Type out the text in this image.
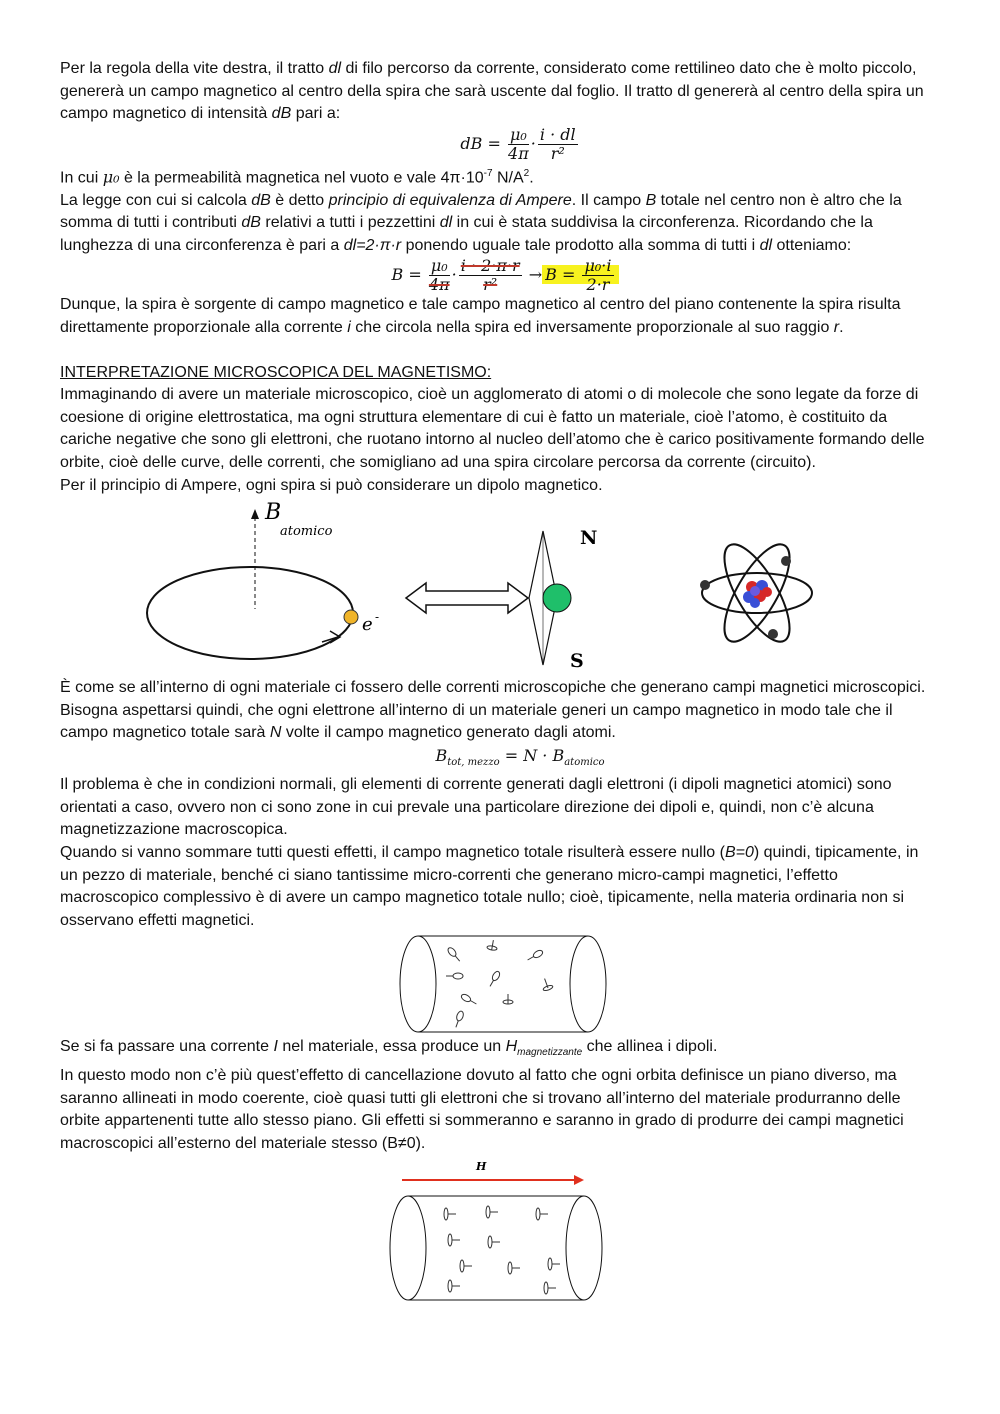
Per la regola della vite destra, il tratto dl di filo percorso da corrente, considerato come rettilineo dato che è molto piccolo, genererà un campo magnetico al centro della spira che sarà uscente dal foglio. Il tratto dl genererà al centro della spira un campo magnetico di intensità dB pari a:

dB = $\frac{\text{μ₀}}{4\pi} \cdot \frac{i \cdot dl}{\text{r²}}$

In cui μ₀ è la permeabilità magnetica nel vuoto e vale $4\pi\cdot 10^{-7}$ $N/A^2$.

La legge con cui si calcola dB è detto principio di equivalenza di Ampere. Il campo B totale nel centro non è altro che la somma di tutti i contributi dB relativi a tutti i pezzettini dl in cui è stata suddivisa la circonferenza. Ricordando che la lunghezza di una circonferenza è pari a dl=2·π·r ponendo uguale tale prodotto alla somma di tutti i dl otteniamo:

$B = \frac{\text{μ₀}}{4\pi} \cdot \frac{i \cdot 2\cdot\pi\cdot r}{\text{r²}} \to B = \frac{\text{μ₀·i}}{2\cdot r}$

Dunque, la spira è sorgente di campo magnetico e tale campo magnetico al centro del piano contenente la spira risulta direttamente proporzionale alla corrente i che circola nella spira ed inversamente proporzionale al suo raggio r.

INTERPRETAZIONE MICROSCOPICA DEL MAGNETISMO:

Immaginando di avere un materiale microscopico, cioè un agglomerato di atomi o di molecole che sono legate da forze di coesione di origine elettrostatica, ma ogni struttura elementare di cui è fatto un materiale, cioè l’atomo, è costituito da cariche negative che sono gli elettroni, che ruotano intorno al nucleo dell’atomo che è carico positivamente formando delle orbite, cioè delle curve, delle correnti, che somigliano ad una spira circolare percorsa da corrente (circuito).

Per il principio di Ampere, ogni spira si può considerare un dipolo magnetico.

B
atomico
e -
N
S

È come se all’interno di ogni materiale ci fossero delle correnti microscopiche che generano campi magnetici microscopici. Bisogna aspettarsi quindi, che ogni elettrone all’interno di un materiale generi un campo magnetico in modo tale che il campo magnetico totale sarà N volte il campo magnetico generato dagli atomi.

$B_{tot, mezzo} = N \cdot B_{atomico}$

Il problema è che in condizioni normali, gli elementi di corrente generati dagli elettroni (i dipoli magnetici atomici) sono orientati a caso, ovvero non ci sono zone in cui prevale una particolare direzione dei dipoli e, quindi, non c’è alcuna magnetizzazione macroscopica.

Quando si vanno sommare tutti questi effetti, il campo magnetico totale risulterà essere nullo (B=0) quindi, tipicamente, in un pezzo di materiale, benché ci siano tantissime micro-correnti che generano micro-campi magnetici, l’effetto macroscopico complessivo è di avere un campo magnetico totale nullo; cioè, tipicamente, nella materia ordinaria non si osservano effetti magnetici.

Se si fa passare una corrente I nel materiale, essa produce un $H_{magnetizzante}$ che allinea i dipoli.

In questo modo non c’è più quest’effetto di cancellazione dovuto al fatto che ogni orbita definisce un piano diverso, ma saranno allineati in modo coerente, cioè quasi tutti gli elettroni che si trovano all’interno del materiale produrranno delle orbite appartenenti tutte allo stesso piano. Gli effetti si sommeranno e saranno in grado di produrre dei campi magnetici macroscopici all’esterno del materiale stesso (B≠0).

H
